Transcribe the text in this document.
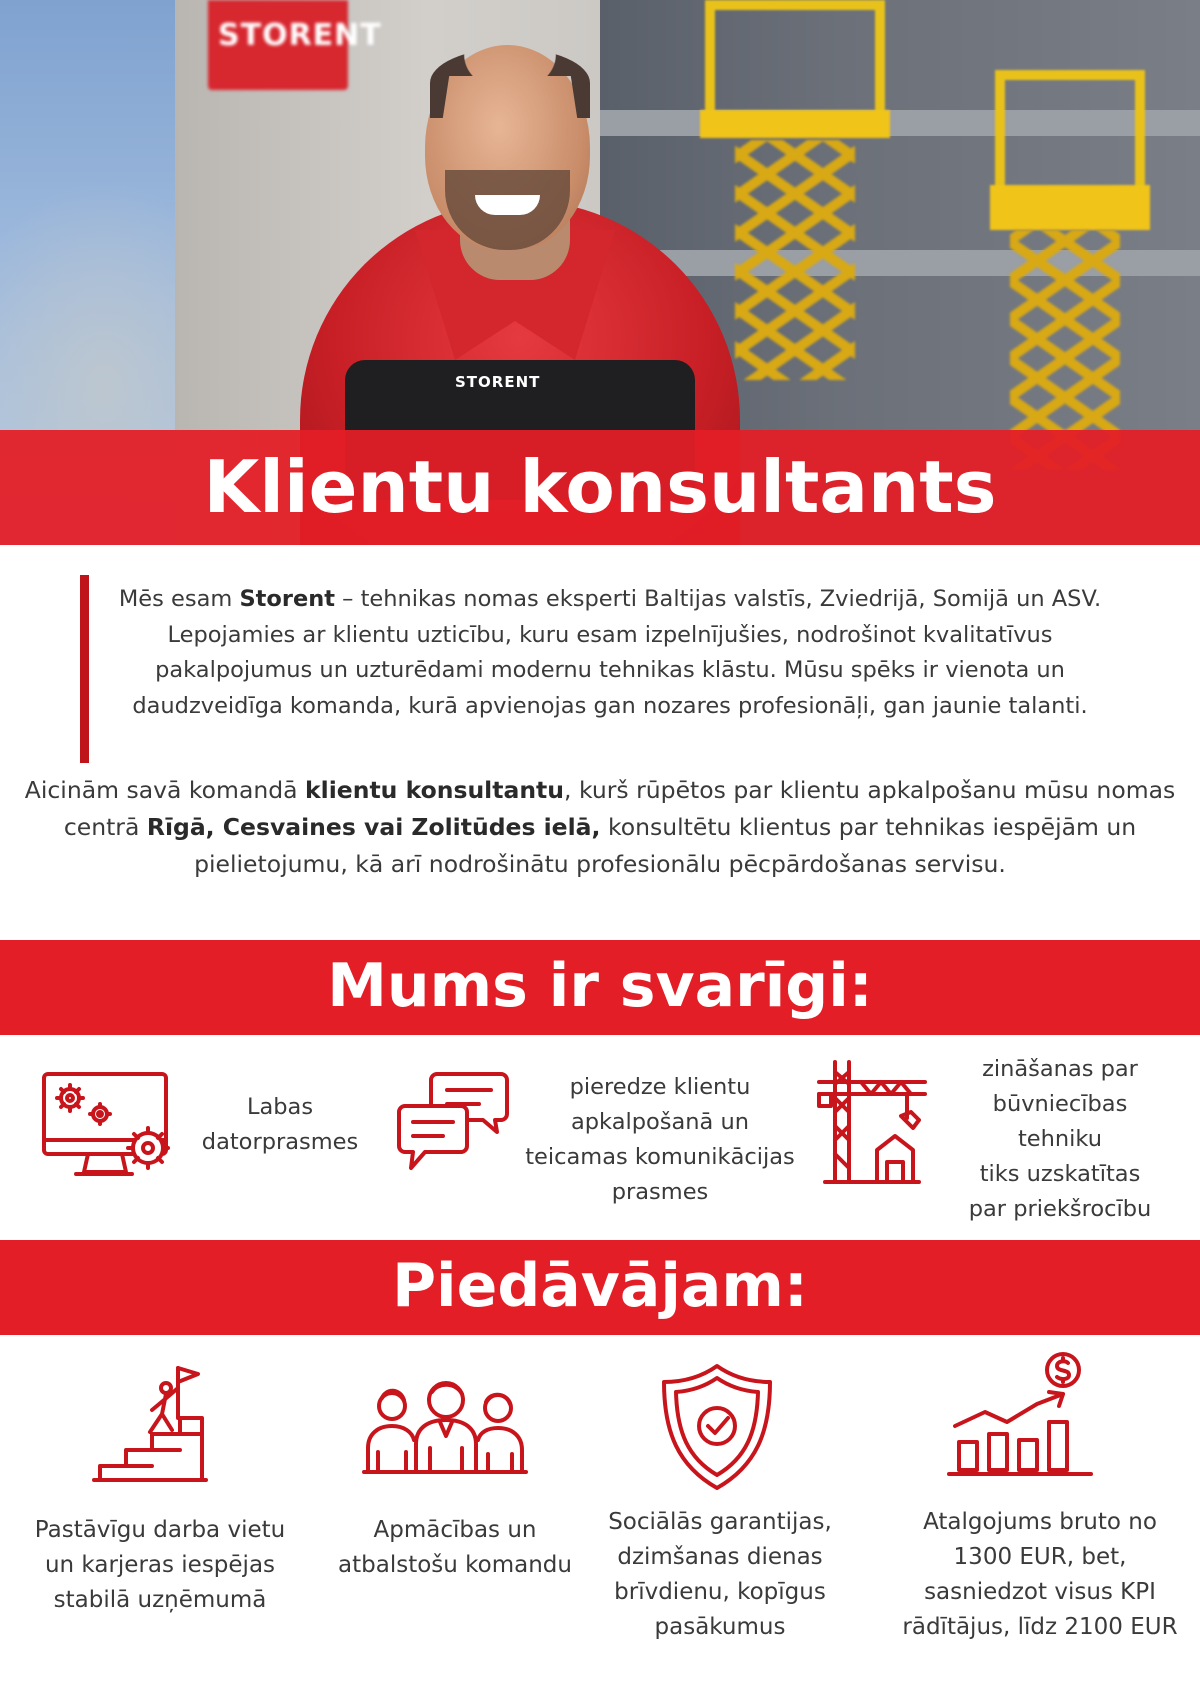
STORENT
STORENT
Klientu konsultants

Mēs esam Storent – tehnikas nomas eksperti Baltijas valstīs, Zviedrijā, Somijā un ASV. Lepojamies ar klientu uzticību, kuru esam izpelnījušies, nodrošinot kvalitatīvus pakalpojumus un uzturēdami modernu tehnikas klāstu. Mūsu spēks ir vienota un daudzveidīga komanda, kurā apvienojas gan nozares profesionāļi, gan jaunie talanti.

Aicinām savā komandā klientu konsultantu, kurš rūpētos par klientu apkalpošanu mūsu nomas centrā Rīgā, Cesvaines vai Zolitūdes ielā, konsultētu klientus par tehnikas iespējām un pielietojumu, kā arī nodrošinātu profesionālu pēcpārdošanas servisu.

Mums ir svarīgi:

Labas
datorprasmes

pieredze klientu
apkalpošanā un
teicamas komunikācijas
prasmes

zināšanas par
būvniecības
tehniku
tiks uzskatītas
par priekšrocību

Piedāvājam:

Pastāvīgu darba vietu
un karjeras iespējas
stabilā uzņēmumā

Apmācības un
atbalstošu komandu

Sociālās garantijas,
dzimšanas dienas
brīvdienu, kopīgus
pasākumus

Atalgojums bruto no
1300 EUR, bet,
sasniedzot visus KPI
rādītājus, līdz 2100 EUR
